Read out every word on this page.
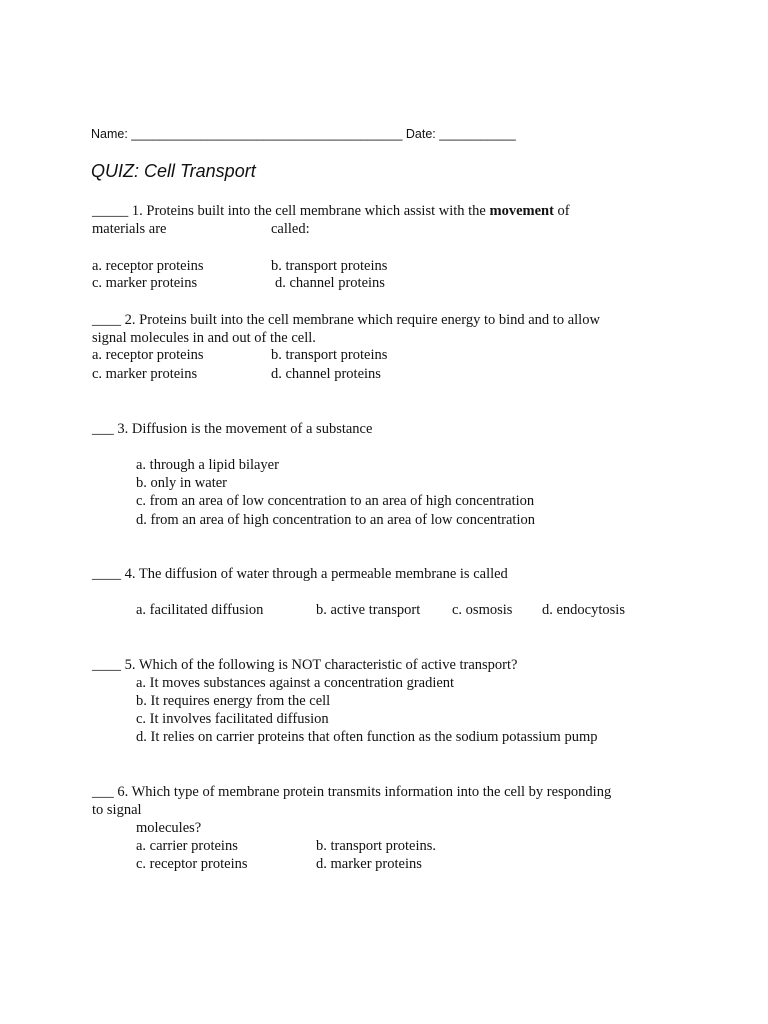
Name: _______________________________________ Date: ___________
QUIZ: Cell Transport
_____ 1. Proteins built into the cell membrane which assist with the movement of
materials are	called:
a. receptor proteins	b. transport proteins
c. marker proteins	d. channel proteins
____ 2. Proteins built into the cell membrane which require energy to bind and to allow
signal molecules in and out of the cell.
a. receptor proteins	b. transport proteins
c. marker proteins	d. channel proteins
___ 3. Diffusion is the movement of a substance
a. through a lipid bilayer
b. only in water
c. from an area of low concentration to an area of high concentration
d. from an area of high concentration to an area of low concentration
____ 4. The diffusion of water through a permeable membrane is called
a. facilitated diffusion	b. active transport c. osmosis d. endocytosis
____ 5. Which of the following is NOT characteristic of active transport?
a. It moves substances against a concentration gradient
b. It requires energy from the cell
c. It involves facilitated diffusion
d. It relies on carrier proteins that often function as the sodium potassium pump
___ 6. Which type of membrane protein transmits information into the cell by responding
to signal
molecules?
a. carrier proteins	b. transport proteins.
c. receptor proteins	d. marker proteins
